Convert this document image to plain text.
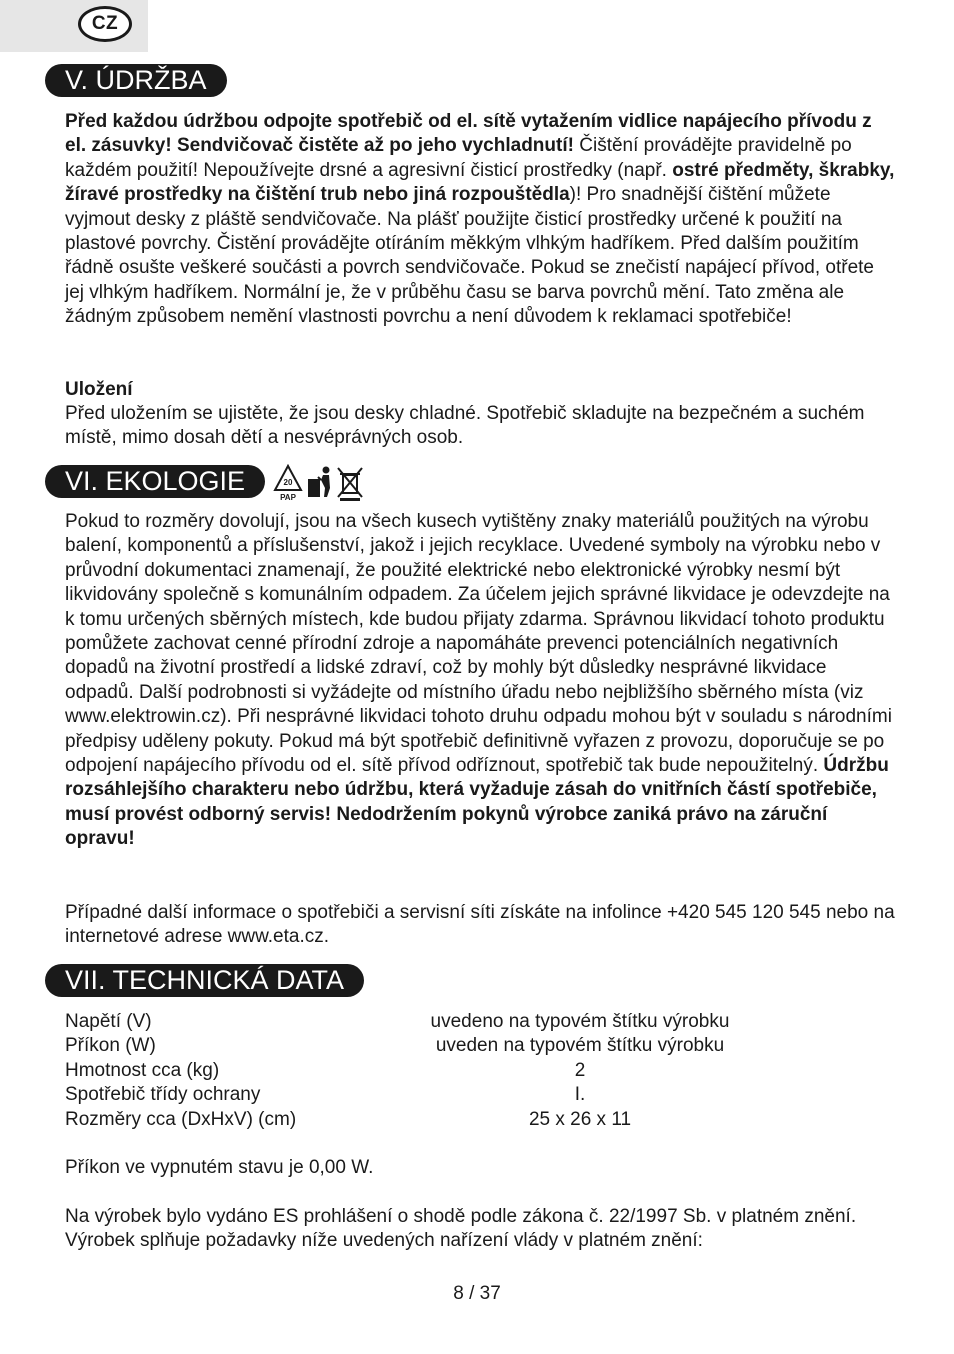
CZ
V. ÚDRŽBA

Před každou údržbou odpojte spotřebič od el. sítě vytažením vidlice napájecího přívodu z el. zásuvky! Sendvičovač čistěte až po jeho vychladnutí! Čištění provádějte pravidelně po každém použití! Nepoužívejte drsné a agresivní čisticí prostředky (např. ostré předměty, škrabky, žíravé prostředky na čištění trub nebo jiná rozpouštědla)! Pro snadnější čištění můžete vyjmout desky z pláště sendvičovače. Na plášť použijte čisticí prostředky určené k použití na plastové povrchy. Čistění provádějte otíráním měkkým vlhkým hadříkem. Před dalším použitím řádně osušte veškeré součásti a povrch sendvičovače. Pokud se znečistí napájecí přívod, otřete jej vlhkým hadříkem. Normální je, že v průběhu času se barva povrchů mění. Tato změna ale žádným způsobem nemění vlastnosti povrchu a není důvodem k reklamaci spotřebiče!

Uložení

Před uložením se ujistěte, že jsou desky chladné. Spotřebič skladujte na bezpečném a suchém místě, mimo dosah dětí a nesvéprávných osob.

VI. EKOLOGIE	20
PAP

Pokud to rozměry dovolují, jsou na všech kusech vytištěny znaky materiálů použitých na výrobu balení, komponentů a příslušenství, jakož i jejich recyklace. Uvedené symboly na výrobku nebo v průvodní dokumentaci znamenají, že použité elektrické nebo elektronické výrobky nesmí být likvidovány společně s komunálním odpadem. Za účelem jejich správné likvidace je odevzdejte na k tomu určených sběrných místech, kde budou přijaty zdarma. Správnou likvidací tohoto produktu pomůžete zachovat cenné přírodní zdroje a napomáháte prevenci potenciálních negativních dopadů na životní prostředí a lidské zdraví, což by mohly být důsledky nesprávné likvidace odpadů. Další podrobnosti si vyžádejte od místního úřadu nebo nejbližšího sběrného místa (viz www.elektrowin.cz). Při nesprávné likvidaci tohoto druhu odpadu mohou být v souladu s národními předpisy uděleny pokuty. Pokud má být spotřebič definitivně vyřazen z provozu, doporučuje se po odpojení napájecího přívodu od el. sítě přívod odříznout, spotřebič tak bude nepoužitelný. Údržbu rozsáhlejšího charakteru nebo údržbu, která vyžaduje zásah do vnitřních částí spotřebiče, musí provést odborný servis! Nedodržením pokynů výrobce zaniká právo na záruční opravu!

Případné další informace o spotřebiči a servisní síti získáte na infolince +420 545 120 545 nebo na internetové adrese www.eta.cz.

VII. TECHNICKÁ DATA
Napětí (V)	uvedeno na typovém štítku výrobku
Příkon (W)	uveden na typovém štítku výrobku
Hmotnost cca (kg)	2
Spotřebič třídy ochrany	I.
Rozměry cca (DxHxV) (cm)	25 x 26 x 11

Příkon ve vypnutém stavu je 0,00 W.

Na výrobek bylo vydáno ES prohlášení o shodě podle zákona č. 22/1997 Sb. v platném znění. Výrobek splňuje požadavky níže uvedených nařízení vlády v platném znění:

8 / 37
